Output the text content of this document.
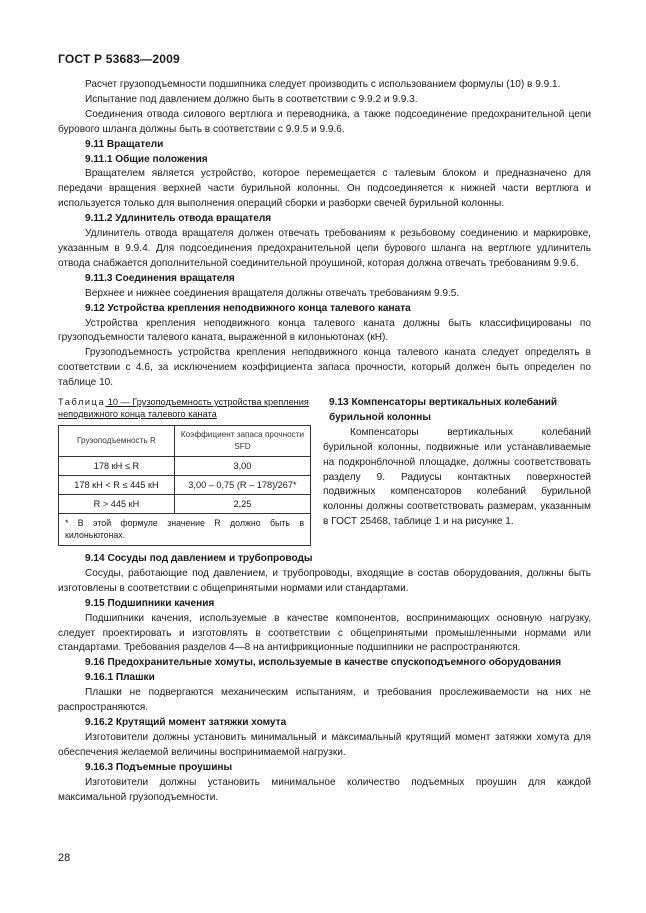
ГОСТ Р 53683—2009

Расчет грузоподъемности подшипника следует производить с использованием формулы (10) в 9.9.1.

Испытание под давлением должно быть в соответствии с 9.9.2 и 9.9.3.

Соединения отвода силового вертлюга и переводника, а также подсоединение предохранительной цепи бурового шланга должны быть в соответствии с 9.9.5 и 9.9.6.

9.11 Вращатели

9.11.1 Общие положения

Вращателем является устройство, которое перемещается с талевым блоком и предназначено для передачи вращения верхней части бурильной колонны. Он подсоединяется к нижней части вертлюга и используется только для выполнения операций сборки и разборки свечей бурильной колонны.

9.11.2 Удлинитель отвода вращателя

Удлинитель отвода вращателя должен отвечать требованиям к резьбовому соединению и маркировке, указанным в 9.9.4. Для подсоединения предохранительной цепи бурового шланга на вертлюге удлинитель отвода снабжается дополнительной соединительной проушиной, которая должна отвечать требованиям 9.9.6.

9.11.3 Соединения вращателя

Верхнее и нижнее соединения вращателя должны отвечать требованиям 9.9.5.

9.12 Устройства крепления неподвижного конца талевого каната

Устройства крепления неподвижного конца талевого каната должны быть классифицированы по грузоподъемности талевого каната, выраженной в килоньютонах (кН).

Грузоподъемность устройства крепления неподвижного конца талевого каната следует определять в соответствии с 4.6, за исключением коэффициента запаса прочности, который должен быть определен по таблице 10.

Таблица 10 — Грузоподъемность устройства крепления неподвижного конца талевого каната
Грузоподъемность R	Коэффициент запаса прочности SFD
178 кН ≤ R	3,00
178 кН < R ≤ 445 кН	3,00 – 0,75 (R – 178)/267*
R > 445 кН	2,25
* В этой формуле значение R должно быть в килоньютонах.	

9.13 Компенсаторы вертикальных колебаний бурильной колонны

Компенсаторы вертикальных колебаний бурильной колонны, подвижные или устанавливаемые на подкронблочной площадке, должны соответствовать разделу 9. Радиусы контактных поверхностей подвижных компенсаторов колебаний бурильной колонны должны соответствовать размерам, указанным в ГОСТ 25468, таблице 1 и на рисунке 1.

9.14 Сосуды под давлением и трубопроводы

Сосуды, работающие под давлением, и трубопроводы, входящие в состав оборудования, должны быть изготовлены в соответствии с общепринятыми нормами или стандартами.

9.15 Подшипники качения

Подшипники качения, используемые в качестве компонентов, воспринимающих основную нагрузку, следует проектировать и изготовлять в соответствии с общепринятыми промышленными нормами или стандартами. Требования разделов 4—8 на антифрикционные подшипники не распространяются.

9.16 Предохранительные хомуты, используемые в качестве спускоподъемного оборудования

9.16.1 Плашки

Плашки не подвергаются механическим испытаниям, и требования прослеживаемости на них не распространяются.

9.16.2 Крутящий момент затяжки хомута

Изготовители должны установить минимальный и максимальный крутящий момент затяжки хомута для обеспечения желаемой величины воспринимаемой нагрузки.

9.16.3 Подъемные проушины

Изготовители должны установить минимальное количество подъемных проушин для каждой максимальной грузоподъемности.

28
